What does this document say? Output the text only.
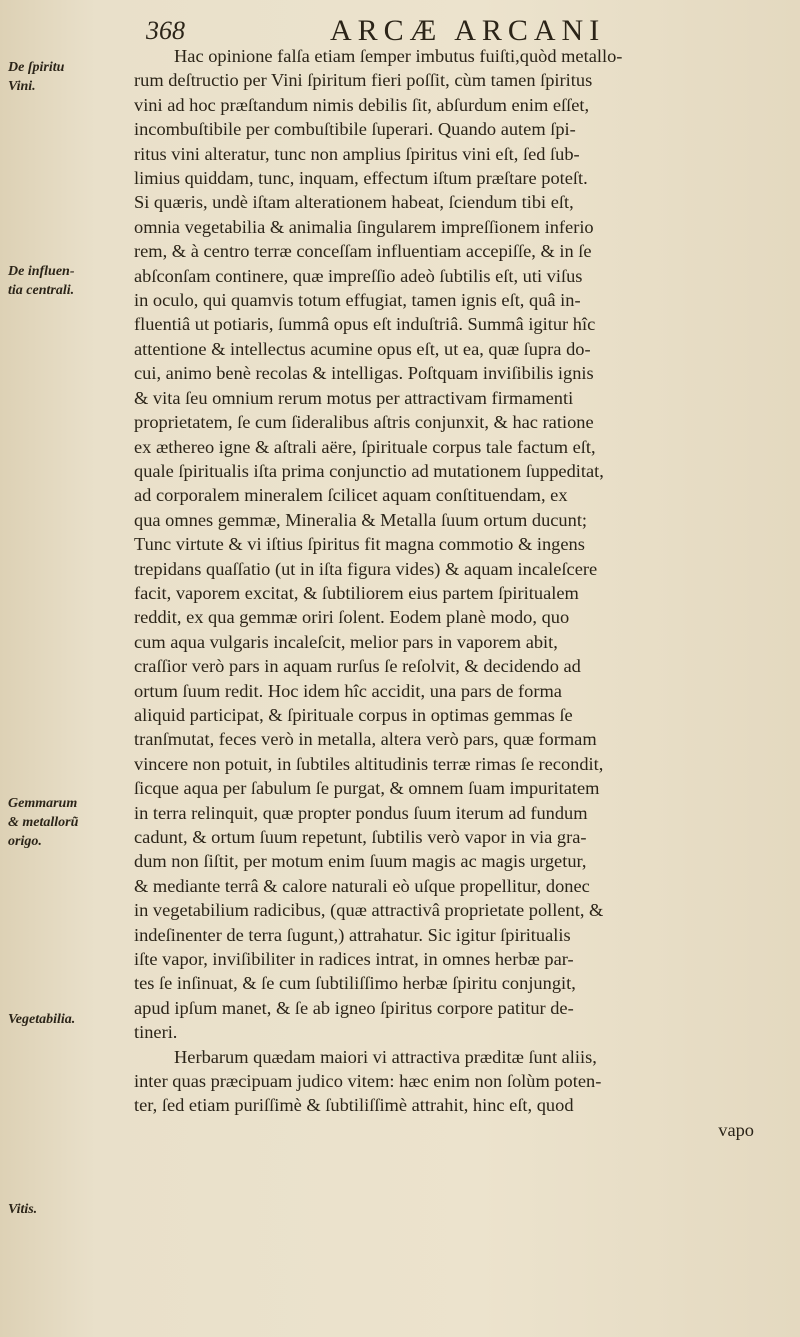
368	ARCÆ ARCANI
De ſpiritu
Vini.
De influen-
tia centrali.
Gemmarum
& metallorũ
origo.
Vegetabilia.
Vitis.
Hac opinione falſa etiam ſemper imbutus fuiſti,quòd metallo-
rum deſtructio per Vini ſpiritum fieri poſſit, cùm tamen ſpiritus
vini ad hoc præſtandum nimis debilis ſit, abſurdum enim eſſet,
incombuſtibile per combuſtibile ſuperari. Quando autem ſpi-
ritus vini alteratur, tunc non amplius ſpiritus vini eſt, ſed ſub-
limius quiddam, tunc, inquam, effectum iſtum præſtare poteſt.
Si quæris, undè iſtam alterationem habeat, ſciendum tibi eſt,
omnia vegetabilia & animalia ſingularem impreſſionem inferio
rem, & à centro terræ conceſſam influentiam accepiſſe, & in ſe
abſconſam continere, quæ impreſſio adeò ſubtilis eſt, uti viſus
in oculo, qui quamvis totum effugiat, tamen ignis eſt, quâ in-
fluentiâ ut potiaris, ſummâ opus eſt induſtriâ. Summâ igitur hîc
attentione & intellectus acumine opus eſt, ut ea, quæ ſupra do-
cui, animo benè recolas & intelligas. Poſtquam inviſibilis ignis
& vita ſeu omnium rerum motus per attractivam firmamenti
proprietatem, ſe cum ſideralibus aſtris conjunxit, & hac ratione
ex æthereo igne & aſtrali aëre, ſpirituale corpus tale factum eſt,
quale ſpiritualis iſta prima conjunctio ad mutationem ſuppeditat,
ad corporalem mineralem ſcilicet aquam conſtituendam, ex
qua omnes gemmæ, Mineralia & Metalla ſuum ortum ducunt;
Tunc virtute & vi iſtius ſpiritus fit magna commotio & ingens
trepidans quaſſatio (ut in iſta figura vides) & aquam incaleſcere
facit, vaporem excitat, & ſubtiliorem eius partem ſpiritualem
reddit, ex qua gemmæ oriri ſolent. Eodem planè modo, quo
cum aqua vulgaris incaleſcit, melior pars in vaporem abit,
craſſior verò pars in aquam rurſus ſe reſolvit, & decidendo ad
ortum ſuum redit. Hoc idem hîc accidit, una pars de forma
aliquid participat, & ſpirituale corpus in optimas gemmas ſe
tranſmutat, feces verò in metalla, altera verò pars, quæ formam
vincere non potuit, in ſubtiles altitudinis terræ rimas ſe recondit,
ſicque aqua per ſabulum ſe purgat, & omnem ſuam impuritatem
in terra relinquit, quæ propter pondus ſuum iterum ad fundum
cadunt, & ortum ſuum repetunt, ſubtilis verò vapor in via gra-
dum non ſiſtit, per motum enim ſuum magis ac magis urgetur,
& mediante terrâ & calore naturali eò uſque propellitur, donec
in vegetabilium radicibus, (quæ attractivâ proprietate pollent, &
indeſinenter de terra ſugunt,) attrahatur. Sic igitur ſpiritualis
iſte vapor, inviſibiliter in radices intrat, in omnes herbæ par-
tes ſe inſinuat, & ſe cum ſubtiliſſimo herbæ ſpiritu conjungit,
apud ipſum manet, & ſe ab igneo ſpiritus corpore patitur de-
tineri.
Herbarum quædam maiori vi attractiva præditæ ſunt aliis,
inter quas præcipuam judico vitem: hæc enim non ſolùm poten-
ter, ſed etiam puriſſimè & ſubtiliſſimè attrahit, hinc eſt, quod
vapo
